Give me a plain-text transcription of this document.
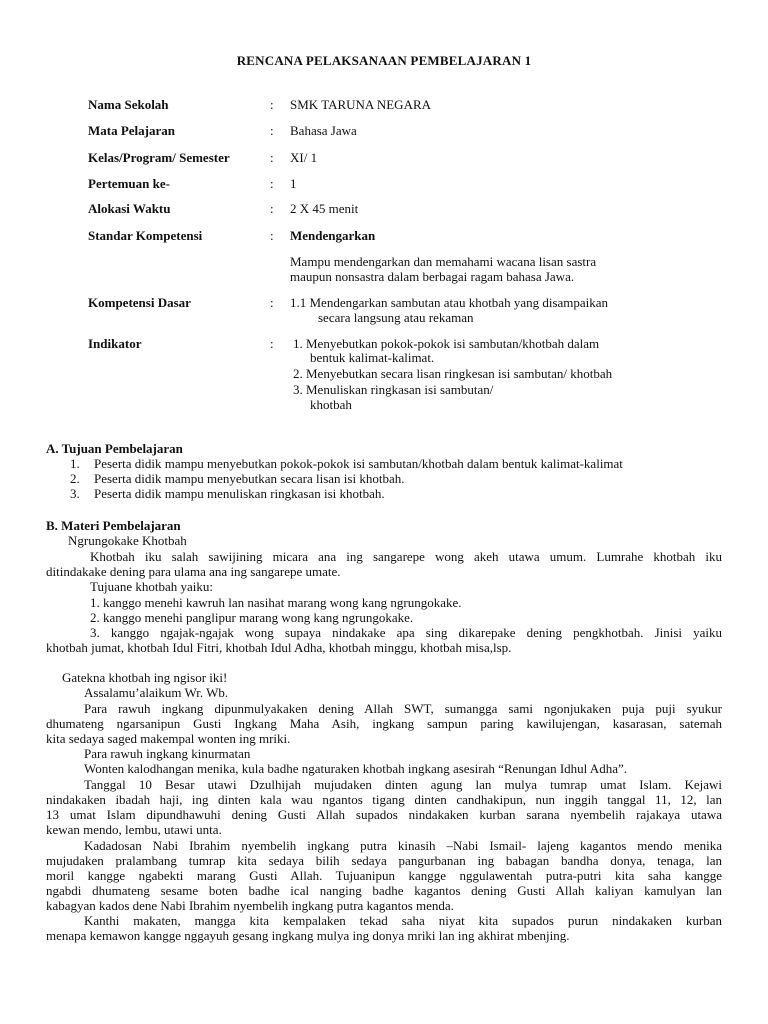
RENCANA PELAKSANAAN PEMBELAJARAN 1
Nama Sekolah	: SMK TARUNA NEGARA
Mata Pelajaran	: Bahasa Jawa
Kelas/Program/ Semester	: XI/ 1
Pertemuan ke-	: 1
Alokasi Waktu	: 2 X 45 menit
Standar Kompetensi	: Mendengarkan
Mampu mendengarkan dan memahami wacana lisan sastra
maupun nonsastra dalam berbagai ragam bahasa Jawa.
Kompetensi Dasar	: 1.1 Mendengarkan sambutan atau khotbah yang disampaikan
secara langsung atau rekaman
Indikator	: 1. Menyebutkan pokok-pokok isi sambutan/khotbah dalam
bentuk kalimat-kalimat.
2. Menyebutkan secara lisan ringkesan isi sambutan/ khotbah
3. Menuliskan ringkasan isi sambutan/
khotbah
A. Tujuan Pembelajaran
1. Peserta didik mampu menyebutkan pokok-pokok isi sambutan/khotbah dalam bentuk kalimat-kalimat
2. Peserta didik mampu menyebutkan secara lisan isi khotbah.
3. Peserta didik mampu menuliskan ringkasan isi khotbah.
B. Materi Pembelajaran
Ngrungokake Khotbah
Khotbah iku salah sawijining micara ana ing sangarepe wong akeh utawa umum. Lumrahe khotbah iku
ditindakake dening para ulama ana ing sangarepe umate.
Tujuane khotbah yaiku:
1. kanggo menehi kawruh lan nasihat marang wong kang ngrungokake.
2. kanggo menehi panglipur marang wong kang ngrungokake.
3. kanggo ngajak-ngajak wong supaya nindakake apa sing dikarepake dening pengkhotbah. Jinisi yaiku
khotbah jumat, khotbah Idul Fitri, khotbah Idul Adha, khotbah minggu, khotbah misa,lsp.
Gatekna khotbah ing ngisor iki!
Assalamu’alaikum Wr. Wb.
Para rawuh ingkang dipunmulyakaken dening Allah SWT, sumangga sami ngonjukaken puja puji syukur
dhumateng ngarsanipun Gusti Ingkang Maha Asih, ingkang sampun paring kawilujengan, kasarasan, satemah
kita sedaya saged makempal wonten ing mriki.
Para rawuh ingkang kinurmatan
Wonten kalodhangan menika, kula badhe ngaturaken khotbah ingkang asesirah “Renungan Idhul Adha”.
Tanggal 10 Besar utawi Dzulhijah mujudaken dinten agung lan mulya tumrap umat Islam. Kejawi
nindakaken ibadah haji, ing dinten kala wau ngantos tigang dinten candhakipun, nun inggih tanggal 11, 12, lan
13 umat Islam dipundhawuhi dening Gusti Allah supados nindakaken kurban sarana nyembelih rajakaya utawa
kewan mendo, lembu, utawi unta.
Kadadosan Nabi Ibrahim nyembelih ingkang putra kinasih –Nabi Ismail- lajeng kagantos mendo menika
mujudaken pralambang tumrap kita sedaya bilih sedaya pangurbanan ing babagan bandha donya, tenaga, lan
moril kangge ngabekti marang Gusti Allah. Tujuanipun kangge nggulawentah putra-putri kita saha kangge
ngabdi dhumateng sesame boten badhe ical nanging badhe kagantos dening Gusti Allah kaliyan kamulyan lan
kabagyan kados dene Nabi Ibrahim nyembelih ingkang putra kagantos menda.
Kanthi makaten, mangga kita kempalaken tekad saha niyat kita supados purun nindakaken kurban
menapa kemawon kangge nggayuh gesang ingkang mulya ing donya mriki lan ing akhirat mbenjing.
